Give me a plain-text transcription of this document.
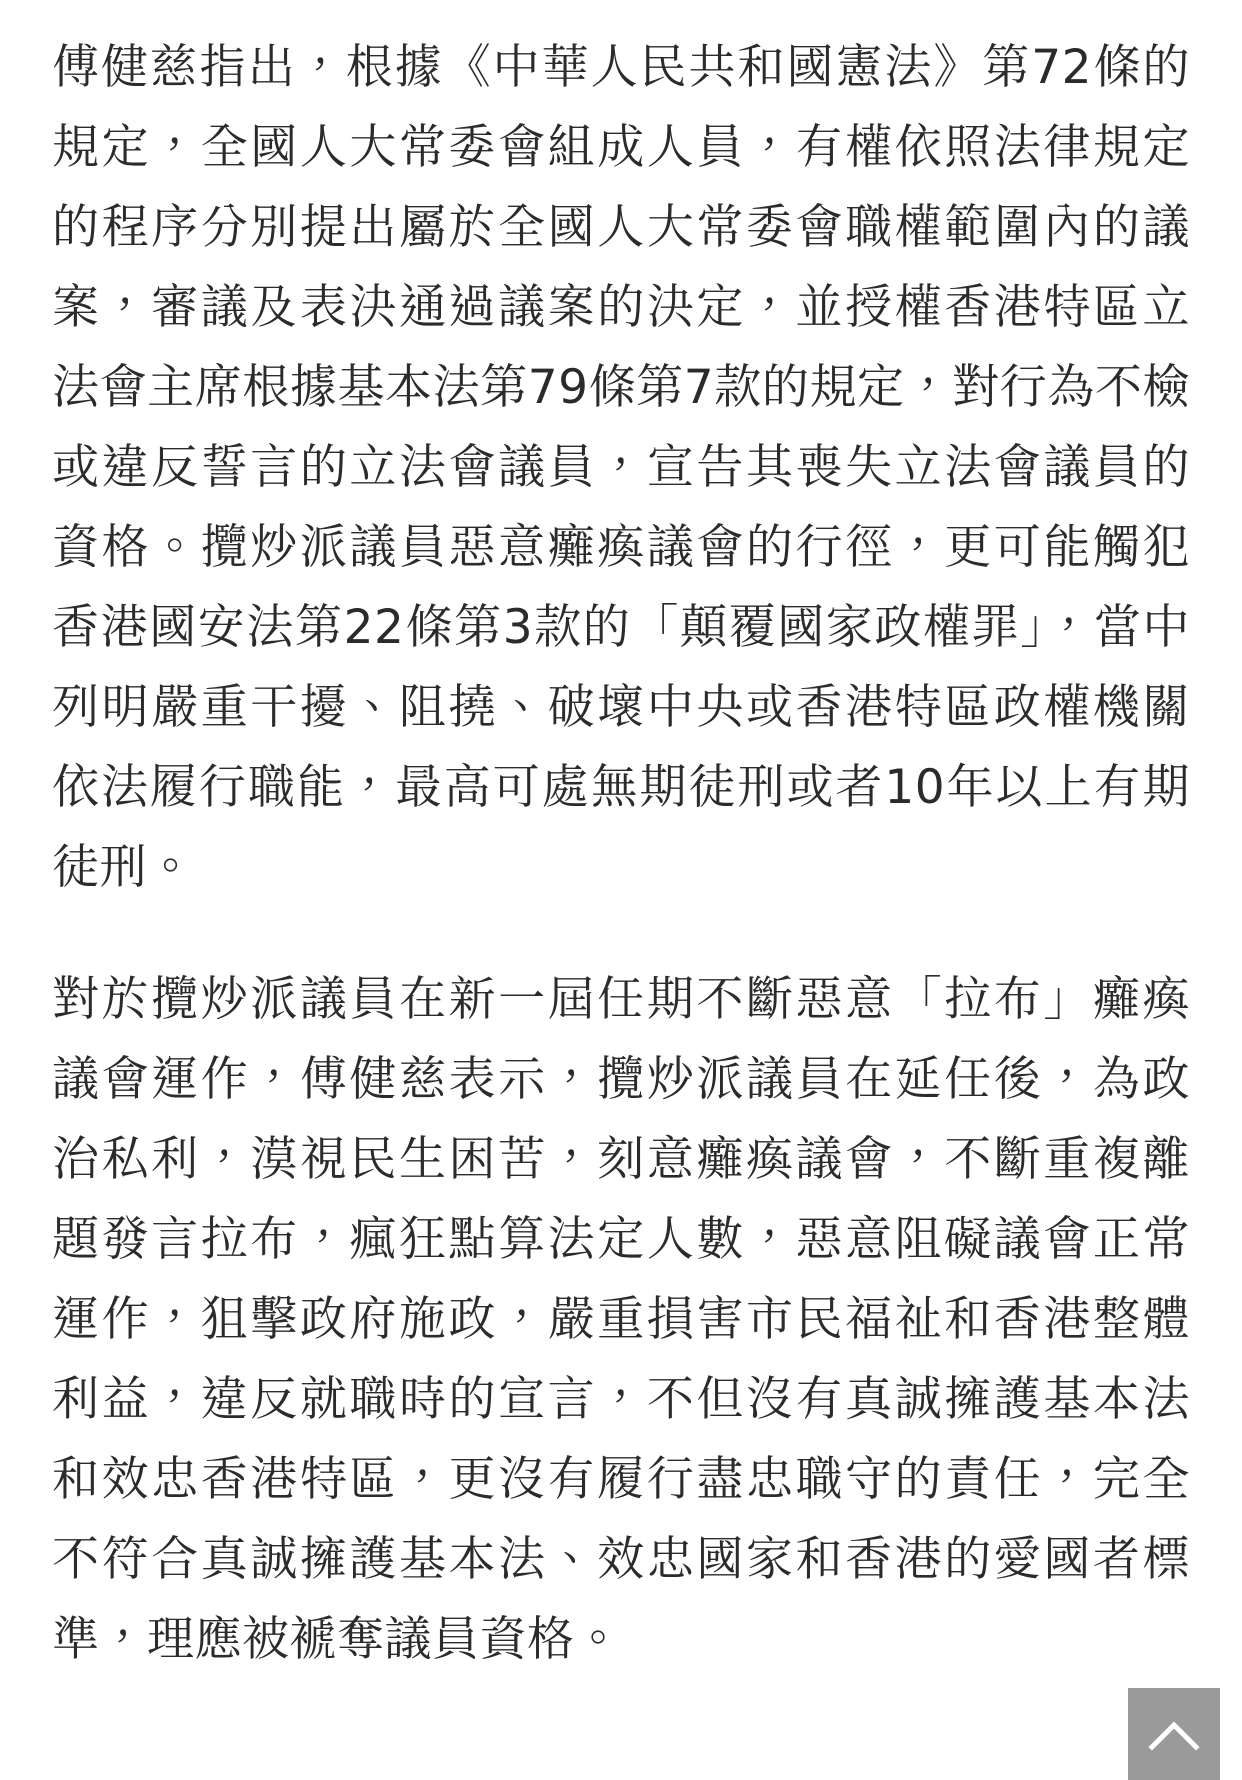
傅健慈指出，根據《中華人民共和國憲法》第72條的規定，全國人大常委會組成人員，有權依照法律規定的程序分別提出屬於全國人大常委會職權範圍內的議案，審議及表決通過議案的決定，並授權香港特區立法會主席根據基本法第79條第7款的規定，對行為不檢或違反誓言的立法會議員，宣告其喪失立法會議員的資格。攬炒派議員惡意癱瘓議會的行徑，更可能觸犯香港國安法第22條第3款的「顛覆國家政權罪」，當中列明嚴重干擾、阻撓、破壞中央或香港特區政權機關依法履行職能，最高可處無期徒刑或者10年以上有期徒刑。

對於攬炒派議員在新一屆任期不斷惡意「拉布」癱瘓議會運作，傅健慈表示，攬炒派議員在延任後，為政治私利，漠視民生困苦，刻意癱瘓議會，不斷重複離題發言拉布，瘋狂點算法定人數，惡意阻礙議會正常運作，狙擊政府施政，嚴重損害市民福祉和香港整體利益，違反就職時的宣言，不但沒有真誠擁護基本法和效忠香港特區，更沒有履行盡忠職守的責任，完全不符合真誠擁護基本法、效忠國家和香港的愛國者標準，理應被褫奪議員資格。
